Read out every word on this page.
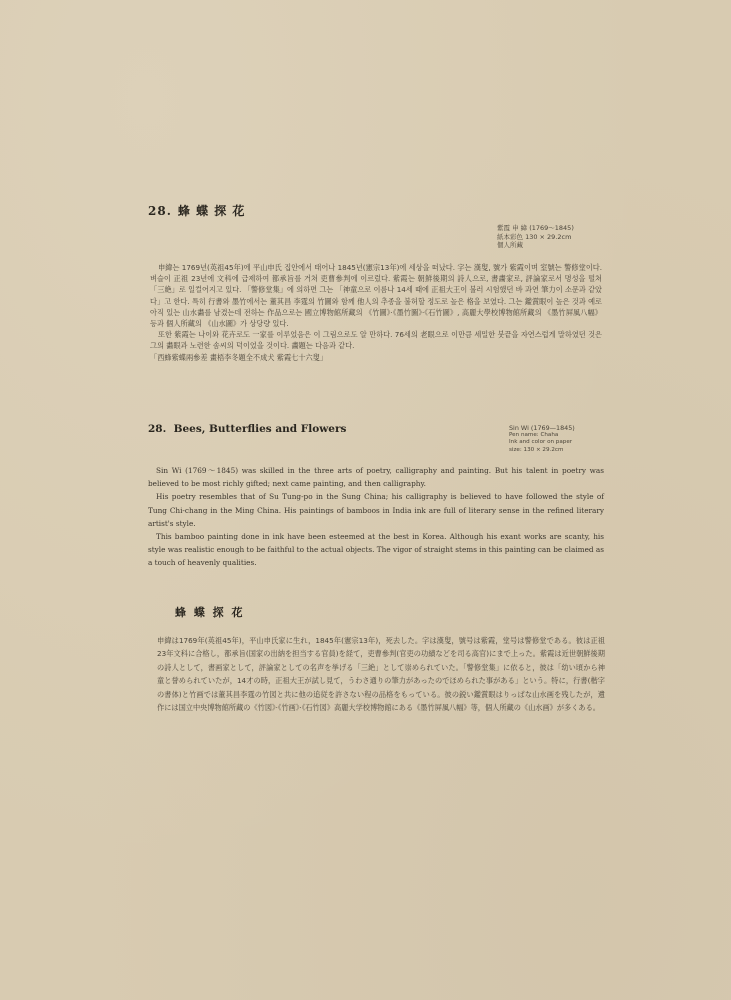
28. 蜂 蝶 探 花
紫霞 申 緯 (1769～1845)
紙本彩色 130 × 29.2cm
個人所藏

申緯는 1769년(英祖45年)에 平山申氏 집안에서 태어나 1845년(憲宗13年)에 세상을 떠났다. 字는 漢叟, 號가 紫霞이며 室號는 警修堂이다. 벼슬이 正祖 23년에 文科에 급제하여 都承旨를 거쳐 吏曹參判에 이르렀다. 紫霞는 朝鮮後期의 詩人으로, 書畵家로, 評論家로서 명성을 떨쳐 「三絶」로 일컬어지고 있다. 「警修堂集」에 의하면 그는 「神童으로 이름나 14세 때에 正祖大王이 불러 시험했던 바 과연 筆力이 소문과 같았다」고 한다. 특히 行書와 墨竹에서는 董其昌 李霆의 竹圖와 함께 他人의 추종을 불허할 정도로 높은 格을 보였다. 그는 鑑賞眼이 높은 것과 예로 아직 있는 山水畵를 남겼는데 전하는 作品으로는 國立博物館所藏의 《竹圖》·《墨竹圖》·《石竹圖》, 高麗大學校博物館所藏의 《墨竹屛風八幅》등과 個人所藏의 《山水圖》가 상당량 있다.

또한 紫霞는 나이와 花卉로도 一家를 이루었음은 이 그림으로도 알 만하다. 76세의 老眼으로 이만큼 세밀한 붓끝을 자연스럽게 말하였던 것은 그의 畵眼과 노련한 솜씨의 덕이었을 것이다. 畵題는 다음과 같다.

「西蜂紫蝶兩參差 畫梧李冬題全不成犬 紫霞七十六叟」

28. Bees, Butterflies and Flowers	Sin Wi (1769—1845)
Pen name: Chaha
Ink and color on paper
size: 130 × 29.2cm

Sin Wi (1769～1845) was skilled in the three arts of poetry, calligraphy and painting. But his talent in poetry was believed to be most richly gifted; next came painting, and then calligraphy.

His poetry resembles that of Su Tung-po in the Sung China; his calligraphy is believed to have followed the style of Tung Chi-chang in the Ming China. His paintings of bamboos in India ink are full of literary sense in the refined literary artist's style.

This bamboo painting done in ink have been esteemed at the best in Korea. Although his exant works are scanty, his style was realistic enough to be faithful to the actual objects. The vigor of straight stems in this painting can be claimed as a touch of heavenly qualities.

蜂 蝶 探 花

申緯は1769年(英祖45年)，平山申氏家に生れ，1845年(憲宗13年)，死去した。字は漢叟，號号は紫霞，堂号は警修堂である。彼は正祖23年文科に合格し，都承旨(国家の出納を担当する官員)を経て，吏曹參判(官吏の功績などを司る高官)にまで上った。紫霞は近世朝鮮後期の詩人として，書画家として，評論家としての名声を挙げる「三絶」として崇められていた。「警修堂集」に依ると，彼は「幼い頃から神童と誉められていたが，14才の時，正祖大王が試し見て，うわさ通りの筆力があったのでほめられた事がある」という。特に，行書(楷字の書体)と竹画では董其昌李霆の竹図と共に他の追従を許さない程の品格をもっている。彼の鋭い鑑賞眼はりっぱな山水画を残したが，遺作には国立中央博物館所藏の《竹図》·《竹画》·《石竹図》高麗大学校博物館にある《墨竹屛風八幅》等，個人所藏の《山水画》が多くある。
